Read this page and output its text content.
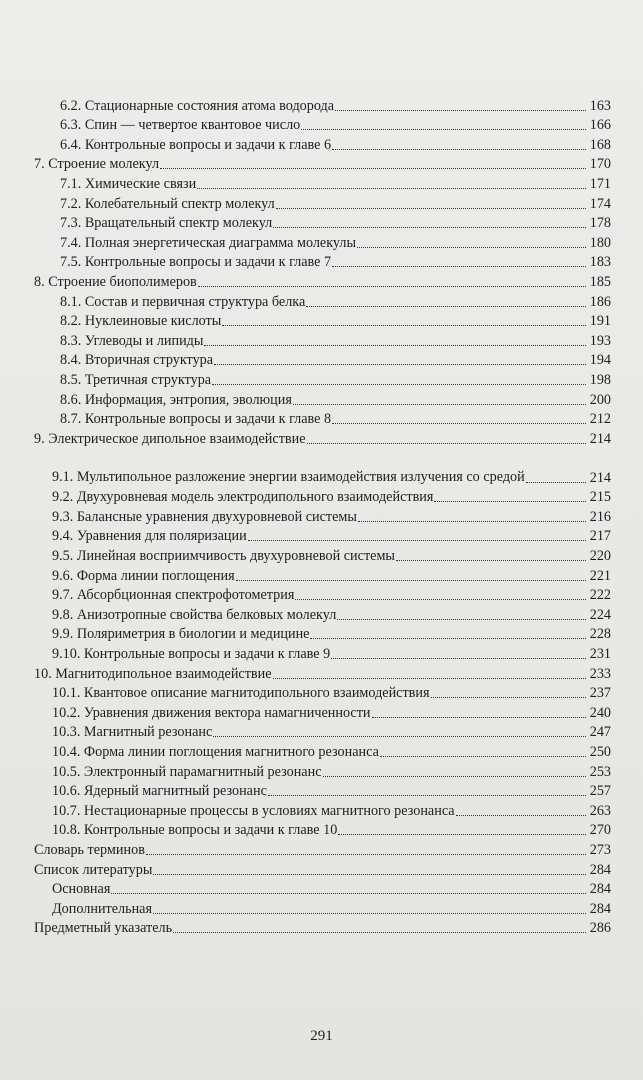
6.2. Стационарные состояния атома водорода	163
6.3. Спин — четвертое квантовое число	166
6.4. Контрольные вопросы и задачи к главе 6	168
7. Строение молекул	170
7.1. Химические связи	171
7.2. Колебательный спектр молекул	174
7.3. Вращательный спектр молекул	178
7.4. Полная энергетическая диаграмма молекулы	180
7.5. Контрольные вопросы и задачи к главе 7	183
8. Строение биополимеров	185
8.1. Состав и первичная структура белка	186
8.2. Нуклеиновые кислоты	191
8.3. Углеводы и липиды	193
8.4. Вторичная структура	194
8.5. Третичная структура	198
8.6. Информация, энтропия, эволюция	200
8.7. Контрольные вопросы и задачи к главе 8	212
9. Электрическое дипольное взаимодействие	214
9.1. Мультипольное разложение энергии взаимодействия излучения со средой	214
9.2. Двухуровневая модель электродипольного взаимодействия	215
9.3. Балансные уравнения двухуровневой системы	216
9.4. Уравнения для поляризации	217
9.5. Линейная восприимчивость двухуровневой системы	220
9.6. Форма линии поглощения	221
9.7. Абсорбционная спектрофотометрия	222
9.8. Анизотропные свойства белковых молекул	224
9.9. Поляриметрия в биологии и медицине	228
9.10. Контрольные вопросы и задачи к главе 9	231
10. Магнитодипольное взаимодействие	233
10.1. Квантовое описание магнитодипольного взаимодействия	237
10.2. Уравнения движения вектора намагниченности	240
10.3. Магнитный резонанс	247
10.4. Форма линии поглощения магнитного резонанса	250
10.5. Электронный парамагнитный резонанс	253
10.6. Ядерный магнитный резонанс	257
10.7. Нестационарные процессы в условиях магнитного резонанса	263
10.8. Контрольные вопросы и задачи к главе 10	270
Словарь терминов	273
Список литературы	284
Основная	284
Дополнительная	284
Предметный указатель	286
291
